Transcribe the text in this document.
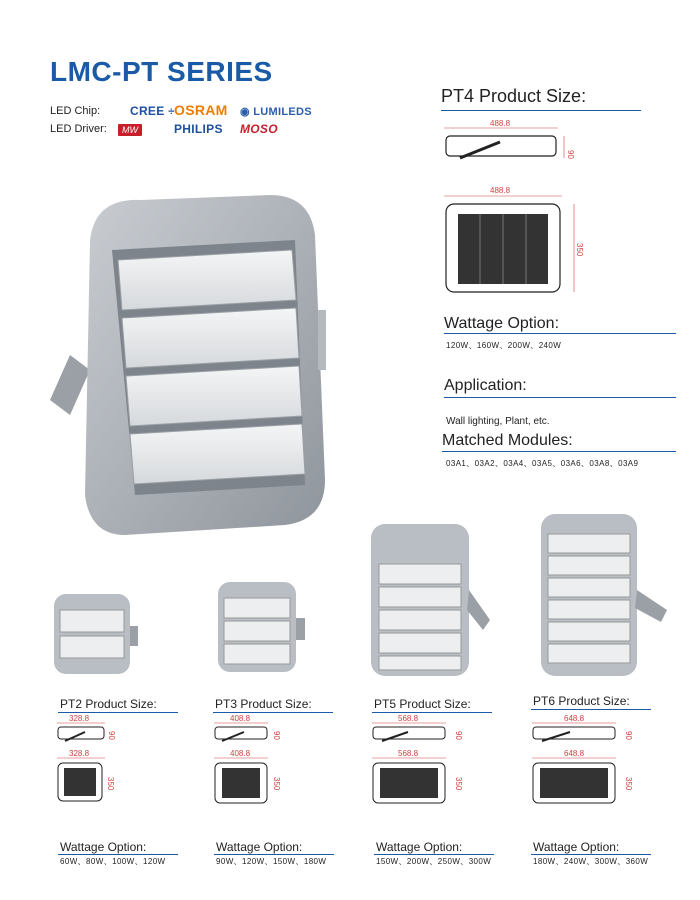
LMC-PT SERIES
LED Chip: CREE ÷ OSRAM ◉ LUMILEDS
LED Driver:	MW	PHILIPS MOSO
PT4 Product Size:
488.8
90
488.8
350
Wattage Option:
120W、160W、200W、240W
Application:
Wall lighting, Plant, etc.
Matched Modules:
03A1、03A2、03A4、03A5、03A6、03A8、03A9
PT2 Product Size:
328.8
90
328.8
350
Wattage Option:
60W、80W、100W、120W
PT3 Product Size:
408.8
90
408.8
350
Wattage Option:
90W、120W、150W、180W
PT5 Product Size:
568.8
90
568.8
350
Wattage Option:
150W、200W、250W、300W
PT6 Product Size:
648.8
90
648.8
350
Wattage Option:
180W、240W、300W、360W
